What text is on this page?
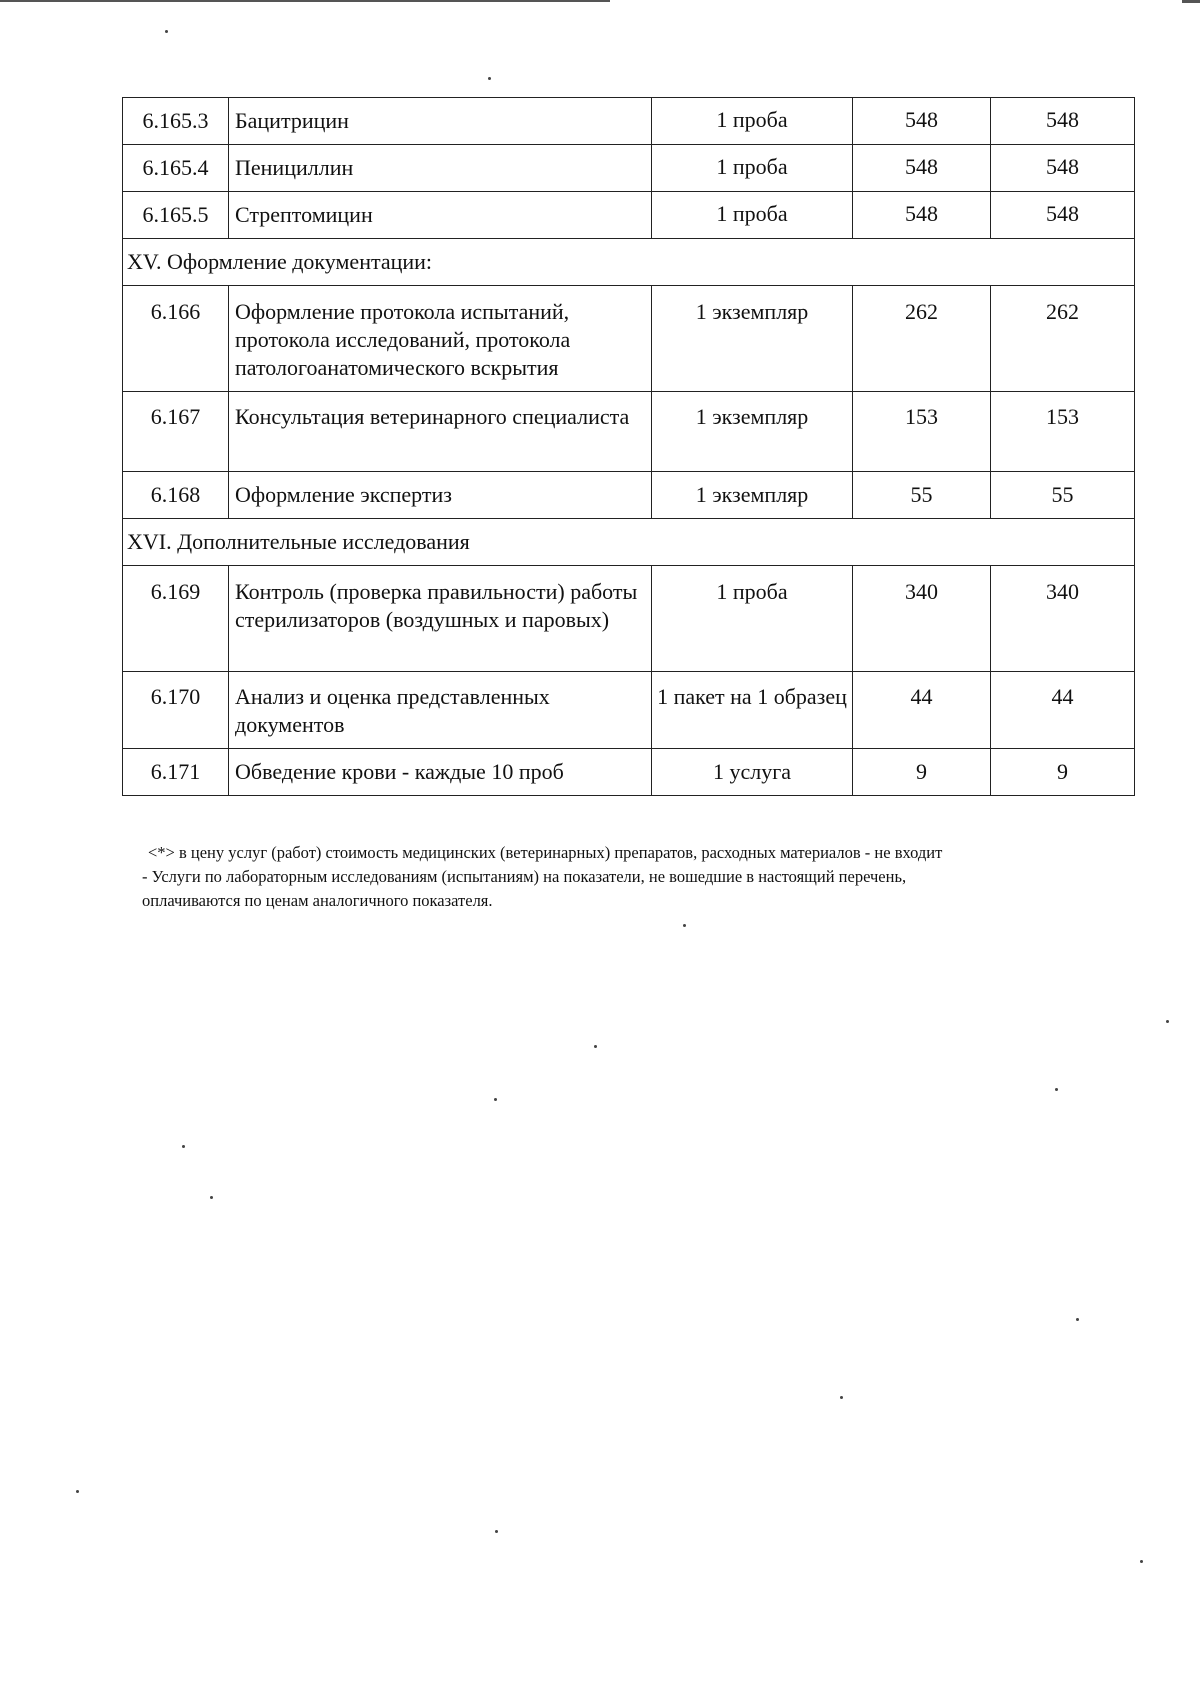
6.165.3	Бацитрицин	1 проба	548	548
6.165.4	Пенициллин	1 проба	548	548
6.165.5	Стрептомицин	1 проба	548	548
XV. Оформление документации:				
6.166	Оформление протокола испытаний, протокола исследований, протокола патологоанатомического вскрытия	1 экземпляр	262	262
6.167	Консультация ветеринарного специалиста	1 экземпляр	153	153
6.168	Оформление экспертиз	1 экземпляр	55	55
XVI. Дополнительные исследования				
6.169	Контроль (проверка правильности) работы стерилизаторов (воздушных и паровых)	1 проба	340	340
6.170	Анализ и оценка представленных документов	1 пакет на 1 образец	44	44
6.171	Обведение крови - каждые 10 проб	1 услуга	9	9
<*> в цену услуг (работ) стоимость медицинских (ветеринарных) препаратов, расходных материалов - не входит
- Услуги по лабораторным исследованиям (испытаниям) на показатели, не вошедшие в настоящий перечень,
оплачиваются по ценам аналогичного показателя.
